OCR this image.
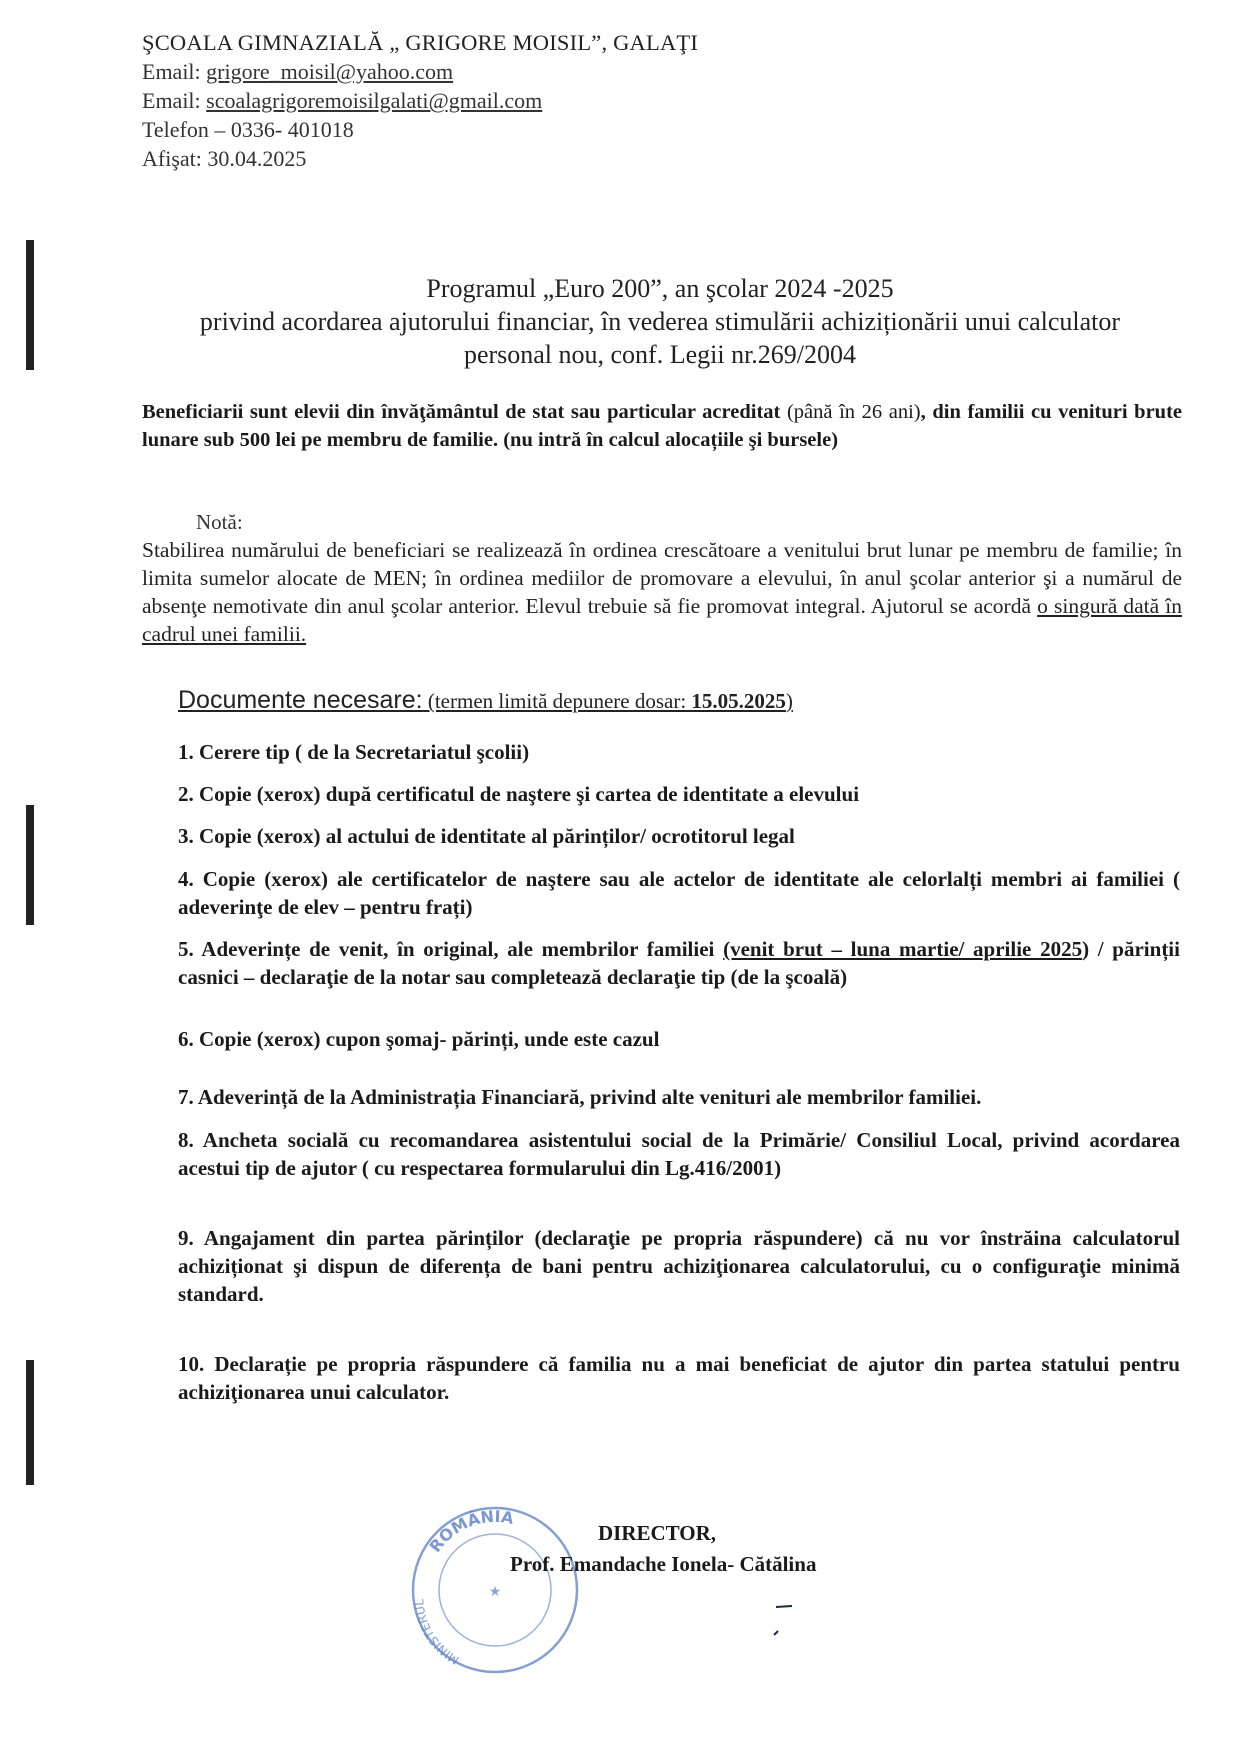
ŞCOALA GIMNAZIALĂ „ GRIGORE MOISIL”, GALAŢI
Email: grigore_moisil@yahoo.com
Email: scoalagrigoremoisilgalati@gmail.com
Telefon – 0336- 401018
Afişat: 30.04.2025
Programul „Euro 200”, an şcolar 2024 -2025
privind acordarea ajutorului financiar, în vederea stimulării achiziționării unui calculator
personal nou, conf. Legii nr.269/2004
Beneficiarii sunt elevii din învăţământul de stat sau particular acreditat (până în 26 ani), din familii cu venituri brute lunare sub 500 lei pe membru de familie. (nu intră în calcul alocațiile şi bursele)
Notă:
Stabilirea numărului de beneficiari se realizează în ordinea crescătoare a venitului brut lunar pe membru de familie; în limita sumelor alocate de MEN; în ordinea mediilor de promovare a elevului, în anul şcolar anterior şi a numărul de absenţe nemotivate din anul şcolar anterior. Elevul trebuie să fie promovat integral. Ajutorul se acordă o singură dată în cadrul unei familii.
Documente necesare: (termen limită depunere dosar: 15.05.2025)
1. Cerere tip ( de la Secretariatul şcolii)
2. Copie (xerox) după certificatul de naştere şi cartea de identitate a elevului
3. Copie (xerox) al actului de identitate al părinților/ ocrotitorul legal
4. Copie (xerox) ale certificatelor de naştere sau ale actelor de identitate ale celorlalți membri ai familiei ( adeverinţe de elev – pentru frați)
5. Adeverințe de venit, în original, ale membrilor familiei (venit brut – luna martie/ aprilie 2025) / părinții casnici – declaraţie de la notar sau completează declaraţie tip (de la şcoală)
6. Copie (xerox) cupon şomaj- părinți, unde este cazul
7. Adeverință de la Administrația Financiară, privind alte venituri ale membrilor familiei.
8. Ancheta socială cu recomandarea asistentului social de la Primărie/ Consiliul Local, privind acordarea acestui tip de ajutor ( cu respectarea formularului din Lg.416/2001)
9. Angajament din partea părinților (declaraţie pe propria răspundere) că nu vor înstrăina calculatorul achiziționat şi dispun de diferența de bani pentru achiziţionarea calculatorului, cu o configuraţie minimă standard.
10. Declarație pe propria răspundere că familia nu a mai beneficiat de ajutor din partea statului pentru achiziţionarea unui calculator.
ROMÂNIA
MINISTERUL
★
DIRECTOR,
Prof. Emandache Ionela- Cătălina
